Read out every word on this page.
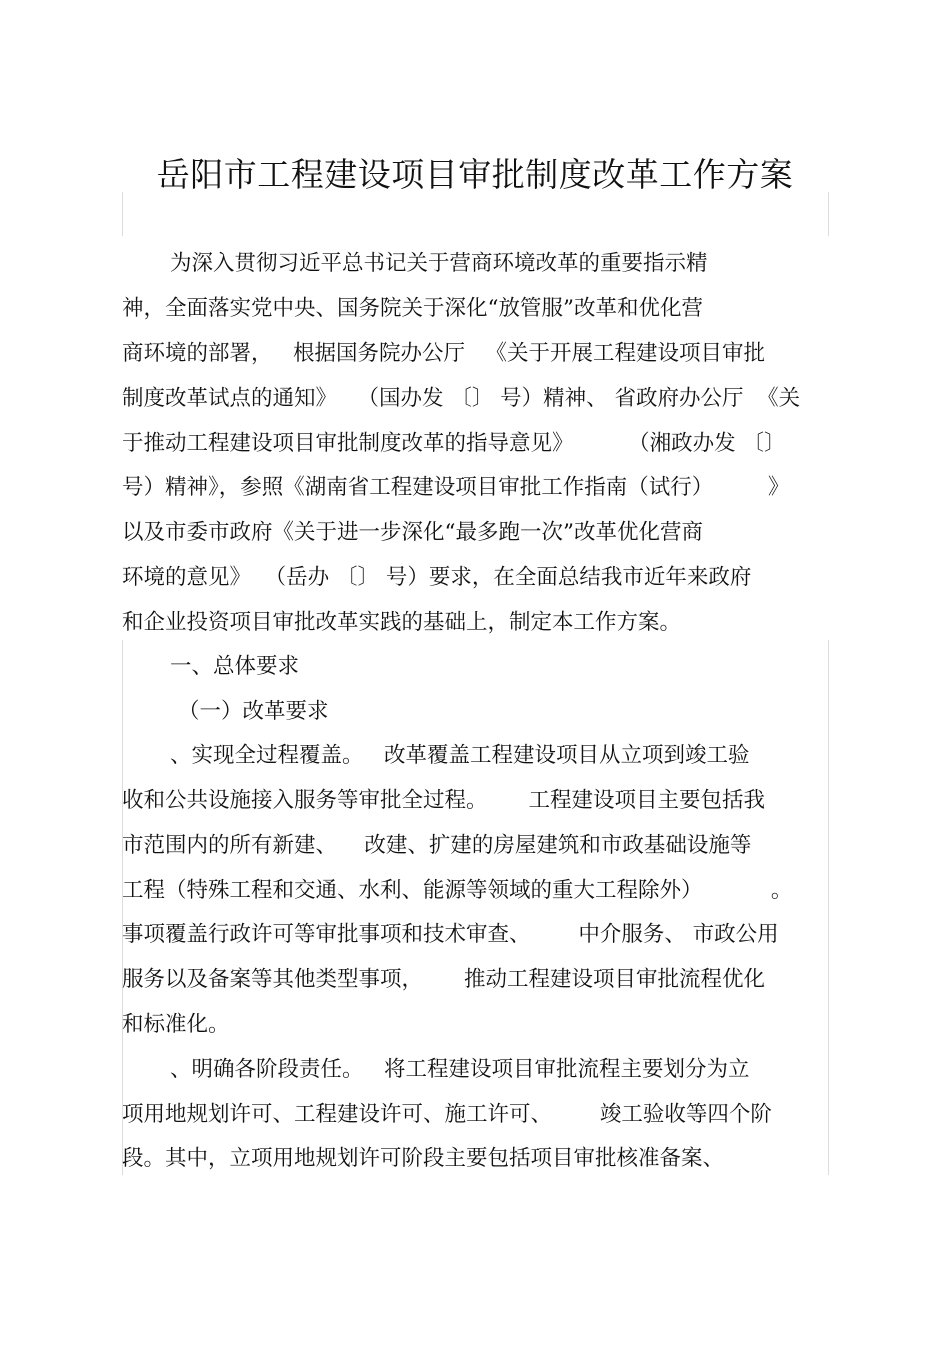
岳阳市工程建设项目审批制度改革工作方案
为深入贯彻习近平总书记关于营商环境改革的重要指示精
神，全面落实党中央、国务院关于深化“放管服”改革和优化营
商环境的部署，   根据国务院办公厅   《关于开展工程建设项目审批
制度改革试点的通知》   （国办发 〔〕 号）精神、 省政府办公厅  《关
于推动工程建设项目审批制度改革的指导意见》        （湘政办发 〔〕
号）精神》，参照《湖南省工程建设项目审批工作指南（试行）        》
以及市委市政府《关于进一步深化“最多跑一次”改革优化营商
环境的意见》  （岳办 〔〕 号）要求，在全面总结我市近年来政府
和企业投资项目审批改革实践的基础上，制定本工作方案。
一、总体要求
（一）改革要求
、实现全过程覆盖。   改革覆盖工程建设项目从立项到竣工验
收和公共设施接入服务等审批全过程。      工程建设项目主要包括我
市范围内的所有新建、    改建、扩建的房屋建筑和市政基础设施等
工程（特殊工程和交通、水利、能源等领域的重大工程除外）          。
事项覆盖行政许可等审批事项和技术审查、       中介服务、 市政公用
服务以及备案等其他类型事项，      推动工程建设项目审批流程优化
和标准化。
、明确各阶段责任。   将工程建设项目审批流程主要划分为立
项用地规划许可、工程建设许可、施工许可、       竣工验收等四个阶
段。其中，立项用地规划许可阶段主要包括项目审批核准备案、
